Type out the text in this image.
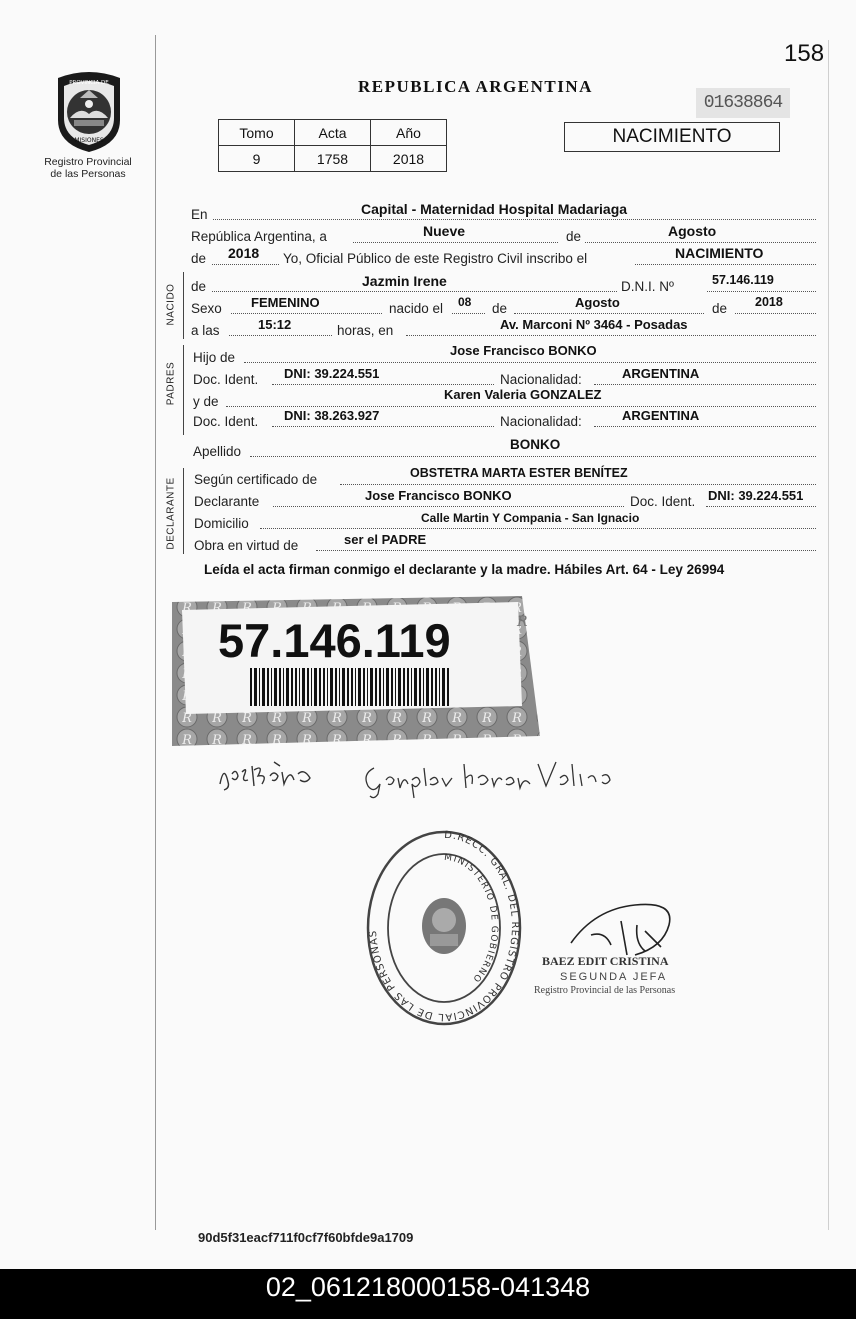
158
PROVINCIA DE
MISIONES
Registro Provincial
de las Personas
REPUBLICA ARGENTINA
01638864
Tomo	Acta	Año
9	1758	2018
NACIMIENTO
En	Capital - Maternidad Hospital Madariaga
República Argentina, a	Nueve	de	Agosto
de 2018 Yo, Oficial Público de este Registro Civil inscribo el	NACIMIENTO
NACIDO de	Jazmin Irene	D.N.I. Nº	57.146.119
Sexo FEMENINO	nacido el 08 de	Agosto	de 2018
a las	15:12	horas, en	Av. Marconi Nº 3464 - Posadas
PADRES
Hijo de	Jose Francisco BONKO
Doc. Ident. DNI: 39.224.551	Nacionalidad:	ARGENTINA
y de	Karen Valeria GONZALEZ
Doc. Ident. DNI: 38.263.927	Nacionalidad:	ARGENTINA
Apellido	BONKO
DECLARANTE Según certificado de	OBSTETRA MARTA ESTER BENÍTEZ
Declarante	Jose Francisco BONKO	Doc. Ident. DNI: 39.224.551
Domicilio	Calle Martin Y Compania - San Ignacio
Obra en virtud de	ser el PADRE
Leída el acta firman conmigo el declarante y la madre. Hábiles Art. 64 - Ley 26994
R
57.146.119
JoséBonko	González Karen Valeria
D.RECC. GRAL. DEL REGISTRO PROVINCIAL DE LAS PERSONAS
MINISTERIO DE GOBIERNO
BAEZ EDIT CRISTINA
SEGUNDA JEFA
Registro Provincial de las Personas
90d5f31eacf711f0cf7f60bfde9a1709
02_061218000158-041348
